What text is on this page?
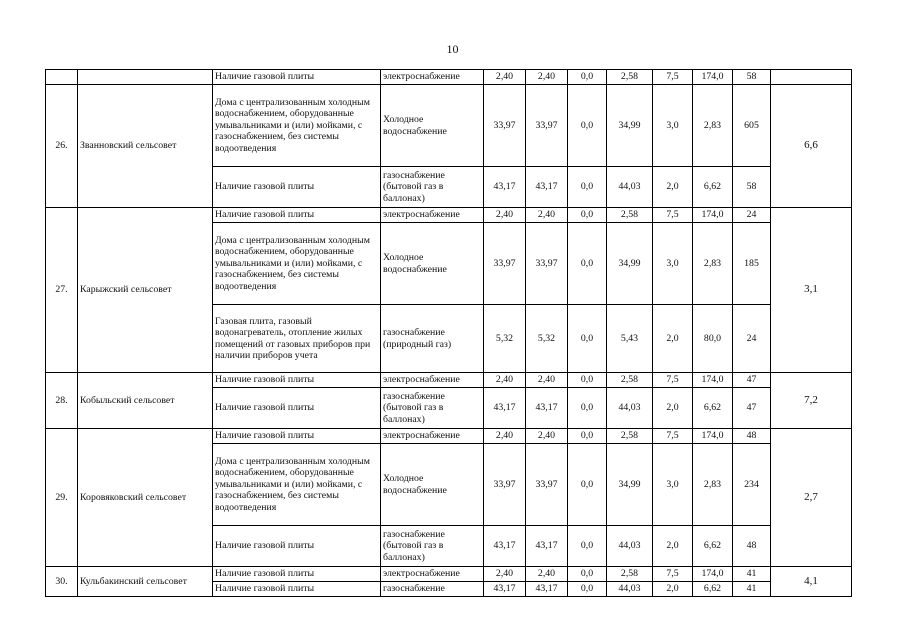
10
		Наличие газовой плиты	электроснабжение	2,40	2,40	0,0	2,58	7,5	174,0	58	
26.	Званновский сельсовет	Дома с централизованным холодным водоснабжением, оборудованные умывальниками и (или) мойками, с газоснабжением, без системы водоотведения	Холодное водоснабжение	33,97	33,97	0,0	34,99	3,0	2,83	605	6,6
		Наличие газовой плиты	газоснабжение (бытовой газ в баллонах)	43,17	43,17	0,0	44,03	2,0	6,62	58	
27.	Карыжский сельсовет	Наличие газовой плиты	электроснабжение	2,40	2,40	0,0	2,58	7,5	174,0	24	3,1
		Дома с централизованным холодным водоснабжением, оборудованные умывальниками и (или) мойками, с газоснабжением, без системы водоотведения	Холодное водоснабжение	33,97	33,97	0,0	34,99	3,0	2,83	185	
		Газовая плита, газовый водонагреватель, отопление жилых помещений от газовых приборов при наличии приборов учета	газоснабжение (природный газ)	5,32	5,32	0,0	5,43	2,0	80,0	24	
28.	Кобыльский сельсовет	Наличие газовой плиты	электроснабжение	2,40	2,40	0,0	2,58	7,5	174,0	47	7,2
		Наличие газовой плиты	газоснабжение (бытовой газ в баллонах)	43,17	43,17	0,0	44,03	2,0	6,62	47	
29.	Коровяковский сельсовет	Наличие газовой плиты	электроснабжение	2,40	2,40	0,0	2,58	7,5	174,0	48	2,7
		Дома с централизованным холодным водоснабжением, оборудованные умывальниками и (или) мойками, с газоснабжением, без системы водоотведения	Холодное водоснабжение	33,97	33,97	0,0	34,99	3,0	2,83	234	
		Наличие газовой плиты	газоснабжение (бытовой газ в баллонах)	43,17	43,17	0,0	44,03	2,0	6,62	48	
30.	Кульбакинский сельсовет	Наличие газовой плиты	электроснабжение	2,40	2,40	0,0	2,58	7,5	174,0	41	4,1
		Наличие газовой плиты	газоснабжение	43,17	43,17	0,0	44,03	2,0	6,62	41	
